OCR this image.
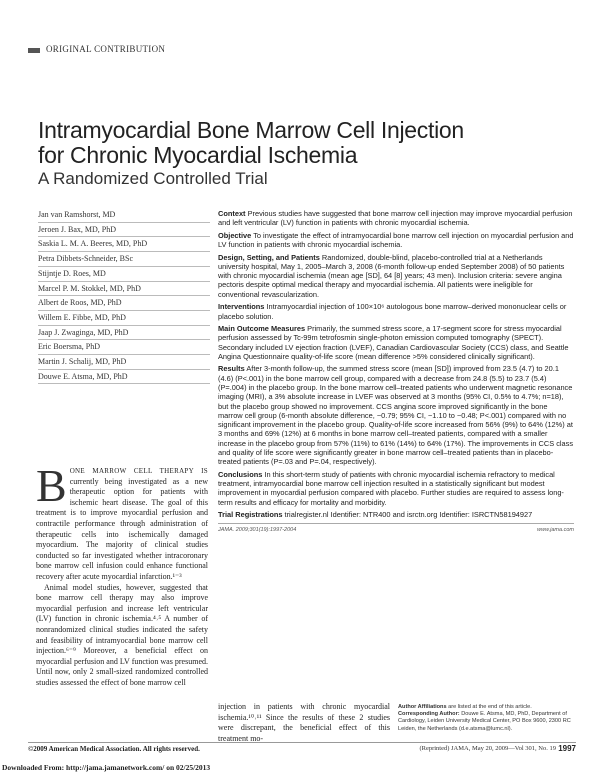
ORIGINAL CONTRIBUTION
Intramyocardial Bone Marrow Cell Injection
for Chronic Myocardial Ischemia
A Randomized Controlled Trial
Jan van Ramshorst, MD
Jeroen J. Bax, MD, PhD
Saskia L. M. A. Beeres, MD, PhD
Petra Dibbets-Schneider, BSc
Stijntje D. Roes, MD
Marcel P. M. Stokkel, MD, PhD
Albert de Roos, MD, PhD
Willem E. Fibbe, MD, PhD
Jaap J. Zwaginga, MD, PhD
Eric Boersma, PhD
Martin J. Schalij, MD, PhD
Douwe E. Atsma, MD, PhD

Context Previous studies have suggested that bone marrow cell injection may improve myocardial perfusion and left ventricular (LV) function in patients with chronic myocardial ischemia.

Objective To investigate the effect of intramyocardial bone marrow cell injection on myocardial perfusion and LV function in patients with chronic myocardial ischemia.

Design, Setting, and Patients Randomized, double-blind, placebo-controlled trial at a Netherlands university hospital, May 1, 2005–March 3, 2008 (6-month follow-up ended September 2008) of 50 patients with chronic myocardial ischemia (mean age [SD], 64 [8] years; 43 men). Inclusion criteria: severe angina pectoris despite optimal medical therapy and myocardial ischemia. All patients were ineligible for conventional revascularization.

Interventions Intramyocardial injection of 100×10⁶ autologous bone marrow–derived mononuclear cells or placebo solution.

Main Outcome Measures Primarily, the summed stress score, a 17-segment score for stress myocardial perfusion assessed by Tc-99m tetrofosmin single-photon emission computed tomography (SPECT). Secondary included LV ejection fraction (LVEF), Canadian Cardiovascular Society (CCS) class, and Seattle Angina Questionnaire quality-of-life score (mean difference >5% considered clinically significant).

Results After 3-month follow-up, the summed stress score (mean [SD]) improved from 23.5 (4.7) to 20.1 (4.6) (P<.001) in the bone marrow cell group, compared with a decrease from 24.8 (5.5) to 23.7 (5.4) (P=.004) in the placebo group. In the bone marrow cell–treated patients who underwent magnetic resonance imaging (MRI), a 3% absolute increase in LVEF was observed at 3 months (95% CI, 0.5% to 4.7%; n=18), but the placebo group showed no improvement. CCS angina score improved significantly in the bone marrow cell group (6-month absolute difference, −0.79; 95% CI, −1.10 to −0.48; P<.001) compared with no significant improvement in the placebo group. Quality-of-life score increased from 56% (9%) to 64% (12%) at 3 months and 69% (12%) at 6 months in bone marrow cell–treated patients, compared with a smaller increase in the placebo group from 57% (11%) to 61% (14%) to 64% (17%). The improvements in CCS class and quality of life score were significantly greater in bone marrow cell–treated patients than in placebo-treated patients (P=.03 and P=.04, respectively).

Conclusions In this short-term study of patients with chronic myocardial ischemia refractory to medical treatment, intramyocardial bone marrow cell injection resulted in a statistically significant but modest improvement in myocardial perfusion compared with placebo. Further studies are required to assess long-term results and efficacy for mortality and morbidity.

Trial Registrations trialregister.nl Identifier: NTR400 and isrctn.org Identifier: ISRCTN58194927

JAMA. 2009;301(19):1997-2004	www.jama.com

BONE MARROW CELL THERAPY IS currently being investigated as a new therapeutic option for patients with ischemic heart disease. The goal of this treatment is to improve myocardial perfusion and contractile performance through administration of therapeutic cells into ischemically damaged myocardium. The majority of clinical studies conducted so far investigated whether intracoronary bone marrow cell infusion could enhance functional recovery after acute myocardial infarction.¹⁻³

Animal model studies, however, suggested that bone marrow cell therapy may also improve myocardial perfusion and increase left ventricular (LV) function in chronic ischemia.⁴˒⁵ A number of nonrandomized clinical studies indicated the safety and feasibility of intramyocardial bone marrow cell injection.⁶⁻⁹ Moreover, a beneficial effect on myocardial perfusion and LV function was presumed. Until now, only 2 small-sized randomized controlled studies assessed the effect of bone marrow cell

injection in patients with chronic myocardial ischemia.¹⁰˒¹¹ Since the results of these 2 studies were discrepant, the beneficial effect of this treatment mo-

Author Affiliations are listed at the end of this article.

Corresponding Author: Douwe E. Atsma, MD, PhD, Department of Cardiology, Leiden University Medical Center, PO Box 9600, 2300 RC Leiden, the Netherlands (d.e.atsma@lumc.nl).

©2009 American Medical Association. All rights reserved.	(Reprinted) JAMA, May 20, 2009—Vol 301, No. 19 1997
Downloaded From: http://jama.jamanetwork.com/ on 02/25/2013
